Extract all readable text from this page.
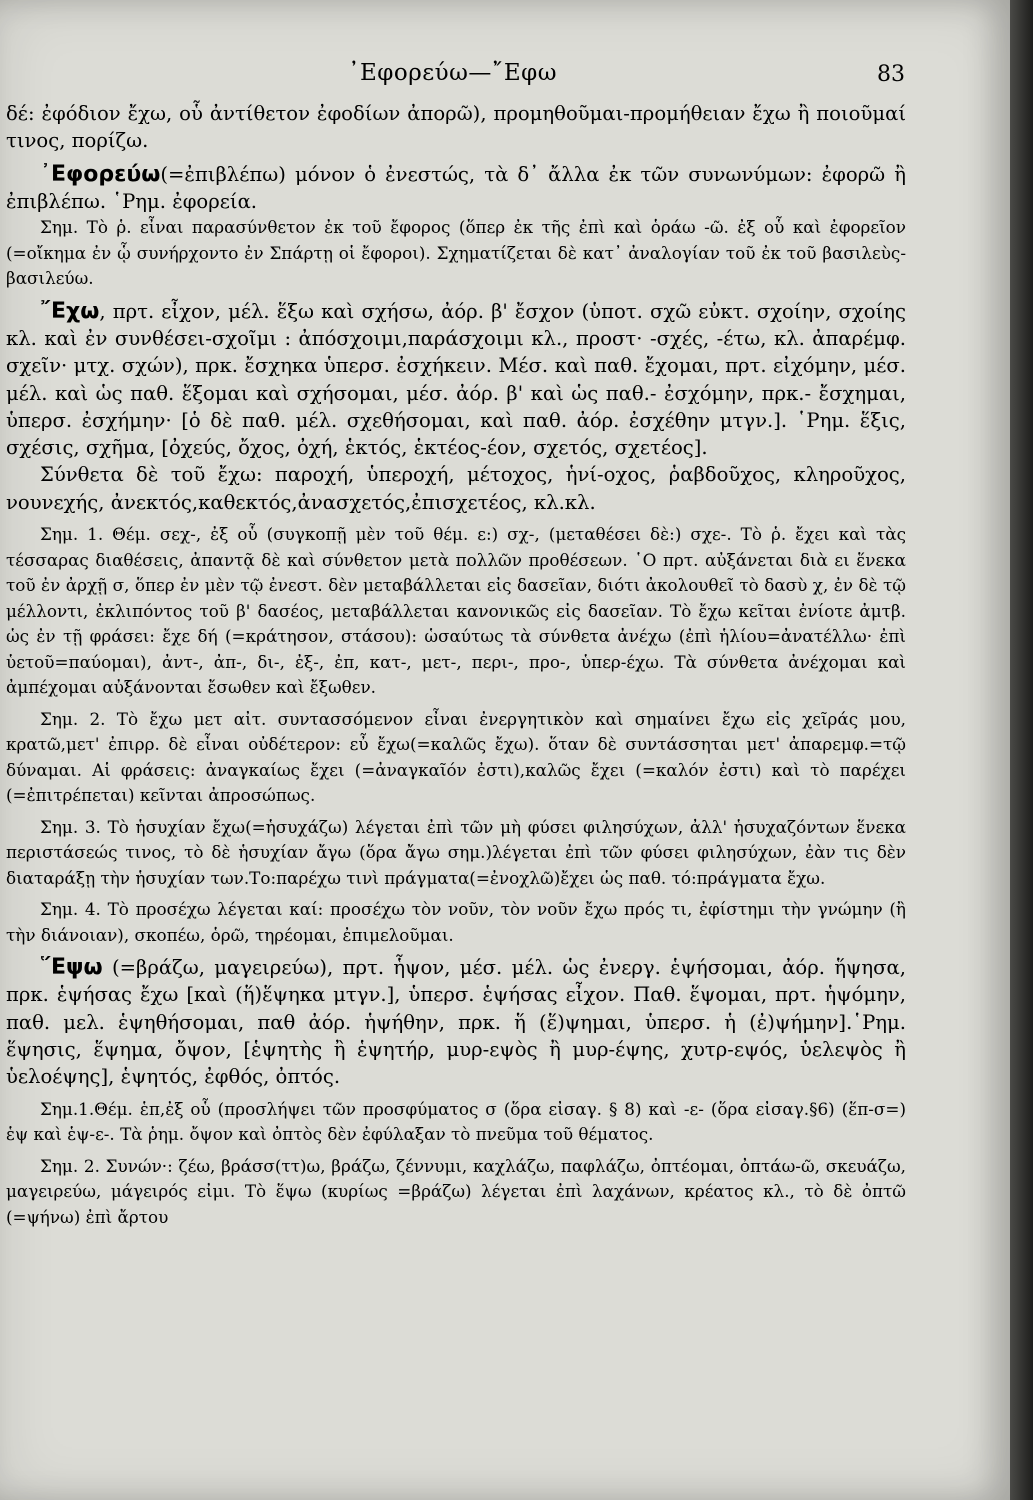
᾿Εφορεύω—῎Εφω	83

δέ: ἐφόδιον ἔχω, οὗ ἀντίθετον ἐφοδίων ἀπορῶ), προμηθοῦμαι-προμήθειαν ἔχω ἢ ποιοῦμαί τινος, πορίζω.

᾿Εφορεύω(=ἐπιβλέπω) μόνον ὁ ἐνεστώς, τὰ δ᾿ ἄλλα ἐκ τῶν συνωνύμων: ἐφορῶ ἢ ἐπιβλέπω. ῾Ρημ. ἐφορεία.

Σημ. Τὸ ῥ. εἶναι παρασύνθετον ἐκ τοῦ ἔφορος (ὅπερ ἐκ τῆς ἐπὶ καὶ ὁράω -ῶ. ἐξ οὗ καὶ ἐφορεῖον (=οἴκημα ἐν ᾧ συνήρχοντο ἐν Σπάρτῃ οἱ ἔφοροι). Σχηματίζεται δὲ κατ᾿ ἀναλογίαν τοῦ ἐκ τοῦ βασιλεὺς-βασιλεύω.

῎Εχω, πρτ. εἶχον, μέλ. ἕξω καὶ σχήσω, ἀόρ. β' ἔσχον (ὑποτ. σχῶ εὐκτ. σχοίην, σχοίης κλ. καὶ ἐν συνθέσει-σχοῖμι : ἀπόσχοιμι,παράσχοιμι κλ., προστ· -σχές, -έτω, κλ. ἀπαρέμφ. σχεῖν· μτχ. σχών), πρκ. ἔσχηκα ὑπερσ. ἐσχήκειν. Μέσ. καὶ παθ. ἔχομαι, πρτ. εἰχόμην, μέσ. μέλ. καὶ ὡς παθ. ἕξομαι καὶ σχήσομαι, μέσ. ἀόρ. β' καὶ ὡς παθ.- ἐσχόμην, πρκ.- ἔσχημαι, ὑπερσ. ἐσχήμην· [ὁ δὲ παθ. μέλ. σχεθήσομαι, καὶ παθ. ἀόρ. ἐσχέθην μτγν.]. ῾Ρημ. ἕξις, σχέσις, σχῆμα, [ὀχεύς, ὄχος, ὀχή, ἑκτός, ἑκτέος-έον, σχετός, σχετέος].

Σύνθετα δὲ τοῦ ἔχω: παροχή, ὑπεροχή, μέτοχος, ἡνί-οχος, ῥαβδοῦχος, κληροῦχος, νουνεχής, ἀνεκτός,καθεκτός,ἀνασχετός,ἐπισχετέος, κλ.κλ.

Σημ. 1. Θέμ. σεχ-, ἐξ οὗ (συγκοπῇ μὲν τοῦ θέμ. ε:) σχ-, (μεταθέσει δὲ:) σχε-. Τὸ ῥ. ἔχει καὶ τὰς τέσσαρας διαθέσεις, ἀπαντᾷ δὲ καὶ σύνθετον μετὰ πολλῶν προθέσεων. ῾Ο πρτ. αὐξάνεται διὰ ει ἕνεκα τοῦ ἐν ἀρχῇ σ, ὅπερ ἐν μὲν τῷ ἐνεστ. δὲν μεταβάλλεται εἰς δασεῖαν, διότι ἀκολουθεῖ τὸ δασὺ χ, ἐν δὲ τῷ μέλλοντι, ἐκλιπόντος τοῦ β' δασέος, μεταβάλλεται κανονικῶς εἰς δασεῖαν. Τὸ ἔχω κεῖται ἐνίοτε ἀμτβ. ὡς ἐν τῇ φράσει: ἔχε δή (=κράτησον, στάσου): ὡσαύτως τὰ σύνθετα ἀνέχω (ἐπὶ ἡλίου=ἀνατέλλω· ἐπὶ ὑετοῦ=παύομαι), ἀντ-, ἀπ-, δι-, ἐξ-, ἐπ, κατ-, μετ-, περι-, προ-, ὑπερ-έχω. Τὰ σύνθετα ἀνέχομαι καὶ ἀμπέχομαι αὐξάνονται ἔσωθεν καὶ ἔξωθεν.

Σημ. 2. Τὸ ἔχω μετ αἰτ. συντασσόμενον εἶναι ἐνεργητικὸν καὶ σημαίνει ἔχω εἰς χεῖράς μου, κρατῶ,μετ' ἐπιρρ. δὲ εἶναι οὐδέτερον: εὖ ἔχω(=καλῶς ἔχω). ὅταν δὲ συντάσσηται μετ' ἀπαρεμφ.=τῷ δύναμαι. Αἱ φράσεις: ἀναγκαίως ἔχει (=ἀναγκαῖόν ἐστι),καλῶς ἔχει (=καλόν ἐστι) καὶ τὸ παρέχει (=ἐπιτρέπεται) κεῖνται ἀπροσώπως.

Σημ. 3. Τὸ ἡσυχίαν ἔχω(=ἡσυχάζω) λέγεται ἐπὶ τῶν μὴ φύσει φιλησύχων, ἀλλ' ἡσυχαζόντων ἕνεκα περιστάσεώς τινος, τὸ δὲ ἡσυχίαν ἄγω (ὅρα ἄγω σημ.)λέγεται ἐπὶ τῶν φύσει φιλησύχων, ἐὰν τις δὲν διαταράξῃ τὴν ἡσυχίαν των.Το:παρέχω τινὶ πράγματα(=ἐνοχλῶ)ἔχει ὡς παθ. τό:πράγματα ἔχω.

Σημ. 4. Τὸ προσέχω λέγεται καί: προσέχω τὸν νοῦν, τὸν νοῦν ἔχω πρός τι, ἐφίστημι τὴν γνώμην (ἢ τὴν διάνοιαν), σκοπέω, ὁρῶ, τηρέομαι, ἐπιμελοῦμαι.

῞Εψω (=βράζω, μαγειρεύω), πρτ. ἧψον, μέσ. μέλ. ὡς ἐνεργ. ἑψήσομαι, ἀόρ. ἥψησα, πρκ. ἑψήσας ἔχω [καὶ (ἥ)ἕψηκα μτγν.], ὑπερσ. ἑψήσας εἶχον. Παθ. ἕψομαι, πρτ. ἡψόμην, παθ. μελ. ἑψηθήσομαι, παθ ἀόρ. ἡψήθην, πρκ. ἥ (ἕ)ψημαι, ὑπερσ. ἡ (ἐ)ψήμην].῾Ρημ. ἕψησις, ἕψημα, ὄψον, [ἑψητὴς ἢ ἑψητήρ, μυρ-εψὸς ἢ μυρ-έψης, χυτρ-εψός, ὑελεψὸς ἢ ὑελοέψης], ἑψητός, ἐφθός, ὀπτός.

Σημ.1.Θέμ. ἑπ,ἐξ οὗ (προσλήψει τῶν προσφύματος σ (ὅρα εἰσαγ. § 8) καὶ -ε- (ὅρα εἰσαγ.§6) (ἕπ-σ=) ἑψ καὶ ἑψ-ε-. Τὰ ῥημ. ὄψον καὶ ὀπτὸς δὲν ἐφύλαξαν τὸ πνεῦμα τοῦ θέματος.

Σημ. 2. Συνών·: ζέω, βράσσ(ττ)ω, βράζω, ζέννυμι, καχλάζω, παφλάζω, ὀπτέομαι, ὀπτάω-ῶ, σκευάζω, μαγειρεύω, μάγειρός εἰμι. Τὸ ἕψω (κυρίως =βράζω) λέγεται ἐπὶ λαχάνων, κρέατος κλ., τὸ δὲ ὀπτῶ (=ψήνω) ἐπὶ ἄρτου
